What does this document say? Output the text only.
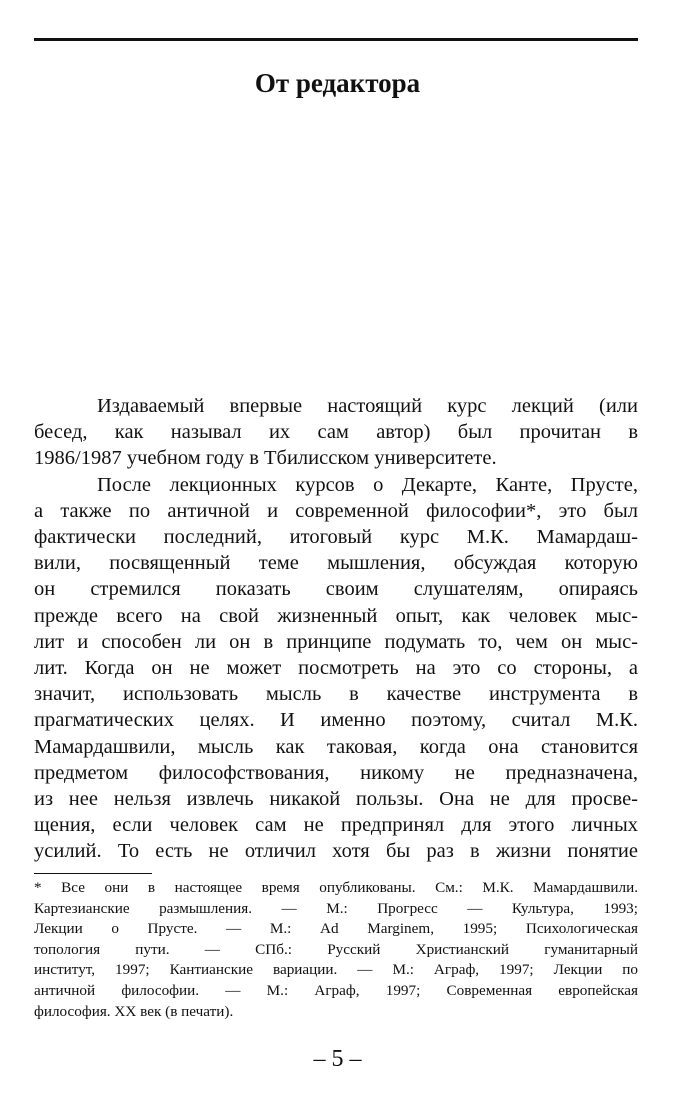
От редактора
Издаваемый впервые настоящий курс лекций (или
бесед, как называл их сам автор) был прочитан в
1986/1987 учебном году в Тбилисском университете.
После лекционных курсов о Декарте, Канте, Прусте,
а также по античной и современной философии*, это был
фактически последний, итоговый курс М.К. Мамардаш-
вили, посвященный теме мышления, обсуждая которую
он стремился показать своим слушателям, опираясь
прежде всего на свой жизненный опыт, как человек мыс-
лит и способен ли он в принципе подумать то, чем он мыс-
лит. Когда он не может посмотреть на это со стороны, а
значит, использовать мысль в качестве инструмента в
прагматических целях. И именно поэтому, считал М.К.
Мамардашвили, мысль как таковая, когда она становится
предметом философствования, никому не предназначена,
из нее нельзя извлечь никакой пользы. Она не для просве-
щения, если человек сам не предпринял для этого личных
усилий. То есть не отличил хотя бы раз в жизни понятие
* Все они в настоящее время опубликованы. См.: М.К. Мамардашвили.
Картезианские размышления. — М.: Прогресс — Культура, 1993;
Лекции о Прусте. — М.: Ad Marginem, 1995; Психологическая
топология пути. — СПб.: Русский Христианский гуманитарный
институт, 1997; Кантианские вариации. — М.: Аграф, 1997; Лекции по
античной философии. — М.: Аграф, 1997; Современная европейская
философия. XX век (в печати).
– 5 –
